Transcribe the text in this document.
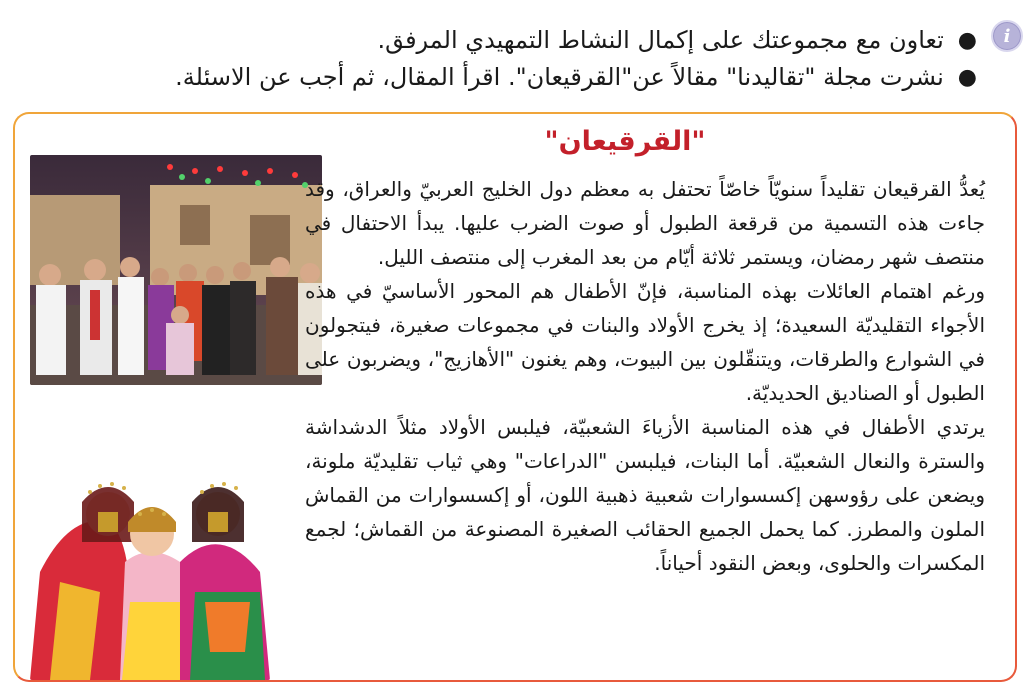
i
●
تعاون مع مجموعتك على إكمال النشاط التمهيدي المرفق.
●
نشرت مجلة "تقاليدنا" مقالاً عن"القرقيعان". اقرأ المقال، ثم أجب عن الاسئلة.
"القرقيعان"

يُعدُّ القرقيعان تقليداً سنويّاً خاصّاً تحتفل به معظم دول الخليج العربيّ والعراق، وقد جاءت هذه التسمية من قرقعة الطبول أو صوت الضرب عليها. يبدأ الاحتفال في منتصف شهر رمضان، ويستمر ثلاثة أيّام من بعد المغرب إلى منتصف الليل.

ورغم اهتمام العائلات بهذه المناسبة، فإنّ الأطفال هم المحور الأساسيّ في هذه الأجواء التقليديّة السعيدة؛ إذ يخرج الأولاد والبنات في مجموعات صغيرة، فيتجولون في الشوارع والطرقات، ويتنقّلون بين البيوت، وهم يغنون "الأهازيج"، ويضربون على الطبول أو الصناديق الحديديّة.

يرتدي الأطفال في هذه المناسبة الأزياءَ الشعبيّة، فيلبس الأولاد مثلاً الدشداشة والسترة والنعال الشعبيّة. أما البنات، فيلبسن "الدراعات" وهي ثياب تقليديّة ملونة، ويضعن على رؤوسهن إكسسوارات شعبية ذهبية اللون، أو إكسسوارات من القماش الملون والمطرز. كما يحمل الجميع الحقائب الصغيرة المصنوعة من القماش؛ لجمع المكسرات والحلوى، وبعض النقود أحياناً.
